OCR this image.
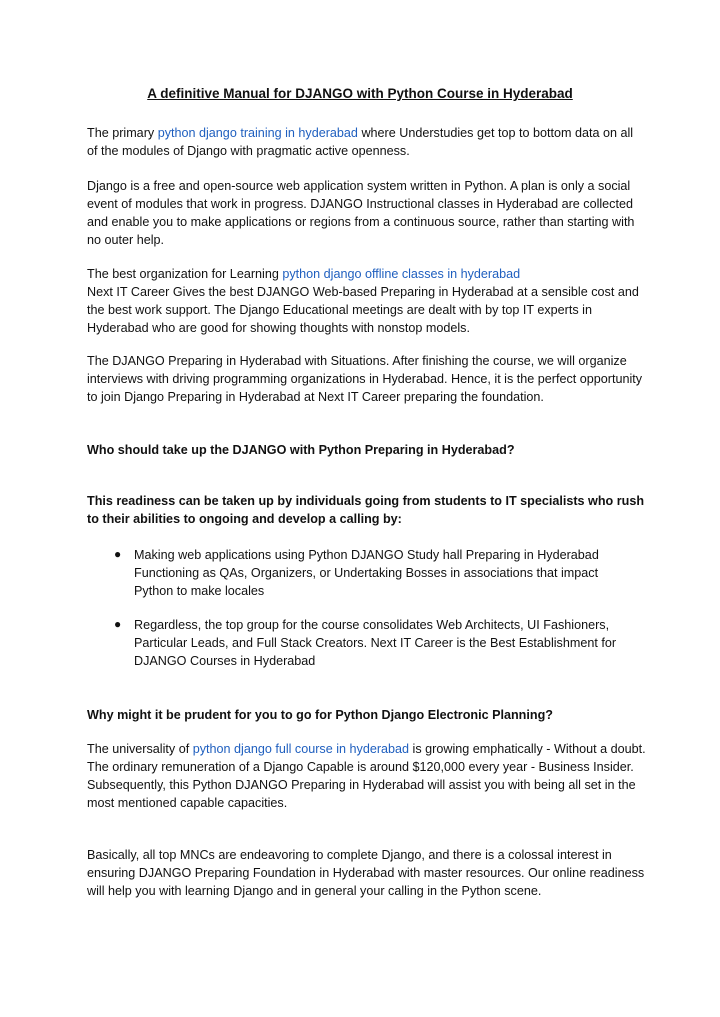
A definitive Manual for DJANGO with Python Course in Hyderabad

The primary python django training in hyderabad where Understudies get top to bottom data on all of the modules of Django with pragmatic active openness.

Django is a free and open-source web application system written in Python. A plan is only a social event of modules that work in progress. DJANGO Instructional classes in Hyderabad are collected and enable you to make applications or regions from a continuous source, rather than starting with no outer help.

The best organization for Learning python django offline classes in hyderabad
Next IT Career Gives the best DJANGO Web-based Preparing in Hyderabad at a sensible cost and the best work support. The Django Educational meetings are dealt with by top IT experts in Hyderabad who are good for showing thoughts with nonstop models.

The DJANGO Preparing in Hyderabad with Situations. After finishing the course, we will organize interviews with driving programming organizations in Hyderabad. Hence, it is the perfect opportunity to join Django Preparing in Hyderabad at Next IT Career preparing the foundation.

Who should take up the DJANGO with Python Preparing in Hyderabad?

This readiness can be taken up by individuals going from students to IT specialists who rush to their abilities to ongoing and develop a calling by:

● Making web applications using Python DJANGO Study hall Preparing in Hyderabad Functioning as QAs, Organizers, or Undertaking Bosses in associations that impact Python to make locales

● Regardless, the top group for the course consolidates Web Architects, UI Fashioners, Particular Leads, and Full Stack Creators. Next IT Career is the Best Establishment for DJANGO Courses in Hyderabad

Why might it be prudent for you to go for Python Django Electronic Planning?

The universality of python django full course in hyderabad is growing emphatically - Without a doubt.
The ordinary remuneration of a Django Capable is around $120,000 every year - Business Insider. Subsequently, this Python DJANGO Preparing in Hyderabad will assist you with being all set in the most mentioned capable capacities.

Basically, all top MNCs are endeavoring to complete Django, and there is a colossal interest in ensuring DJANGO Preparing Foundation in Hyderabad with master resources. Our online readiness will help you with learning Django and in general your calling in the Python scene.
